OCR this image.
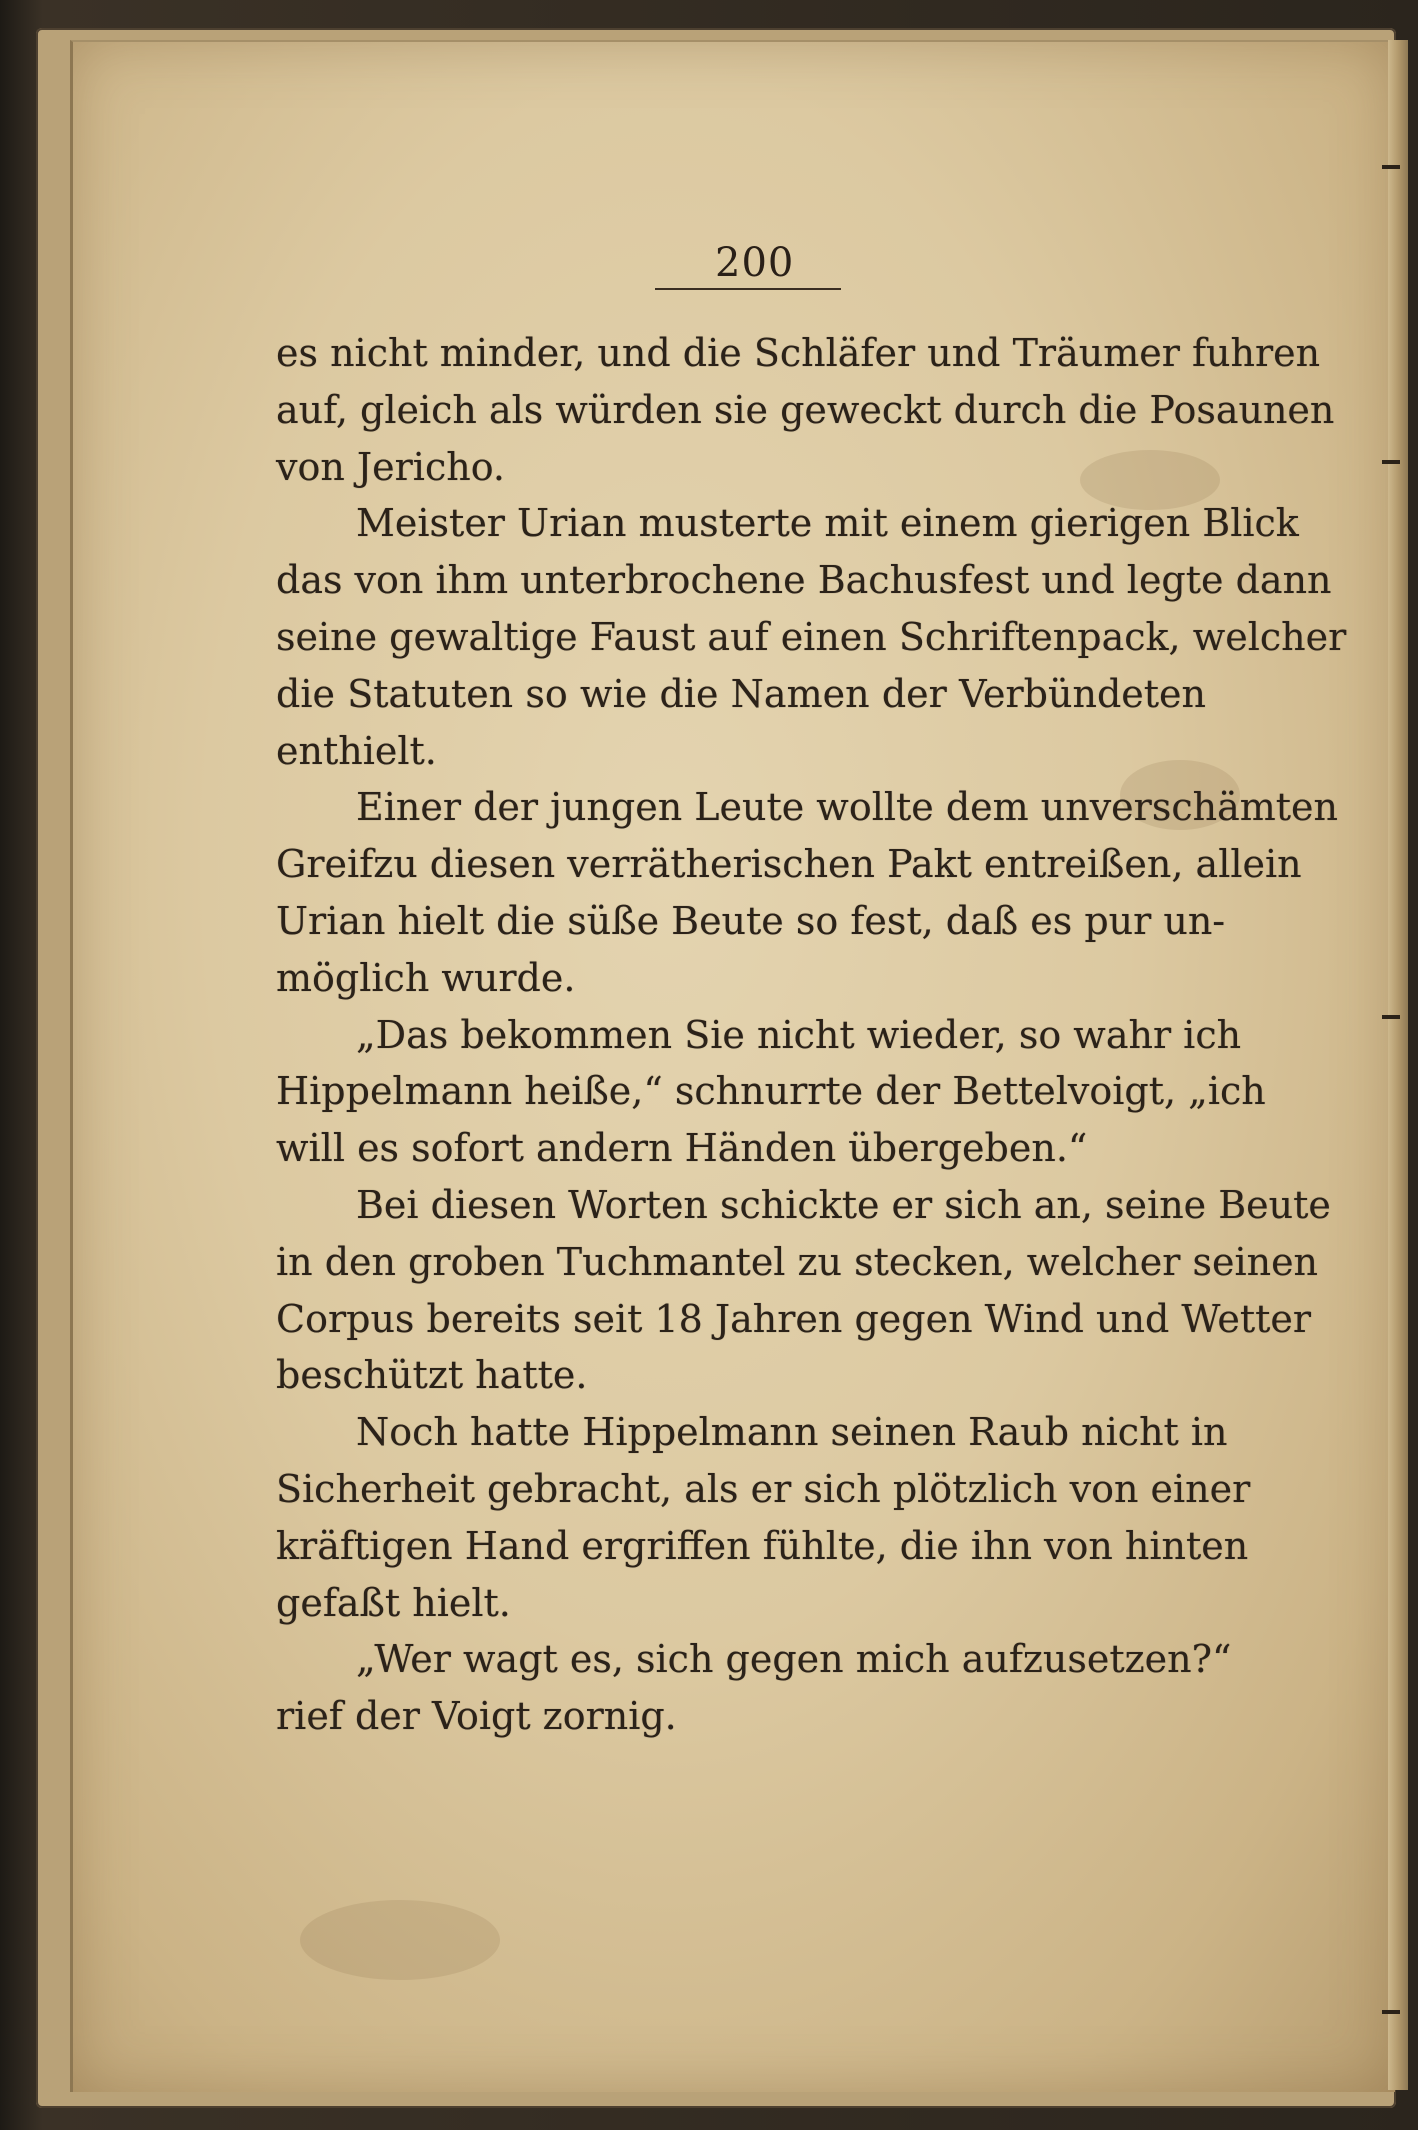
200
es nicht minder, und die Schläfer und Träumer fuhren
auf, gleich als würden sie geweckt durch die Posaunen
von Jericho.
Meister Urian musterte mit einem gierigen Blick
das von ihm unterbrochene Bachusfest und legte dann
seine gewaltige Faust auf einen Schriftenpack, welcher
die Statuten so wie die Namen der Verbündeten
enthielt.
Einer der jungen Leute wollte dem unverschämten
Greifzu diesen verrätherischen Pakt entreißen, allein
Urian hielt die süße Beute so fest, daß es pur un-
möglich wurde.
„Das bekommen Sie nicht wieder, so wahr ich
Hippelmann heiße,“ schnurrte der Bettelvoigt, „ich
will es sofort andern Händen übergeben.“
Bei diesen Worten schickte er sich an, seine Beute
in den groben Tuchmantel zu stecken, welcher seinen
Corpus bereits seit 18 Jahren gegen Wind und Wetter
beschützt hatte.
Noch hatte Hippelmann seinen Raub nicht in
Sicherheit gebracht, als er sich plötzlich von einer
kräftigen Hand ergriffen fühlte, die ihn von hinten
gefaßt hielt.
„Wer wagt es, sich gegen mich aufzusetzen?“
rief der Voigt zornig.
